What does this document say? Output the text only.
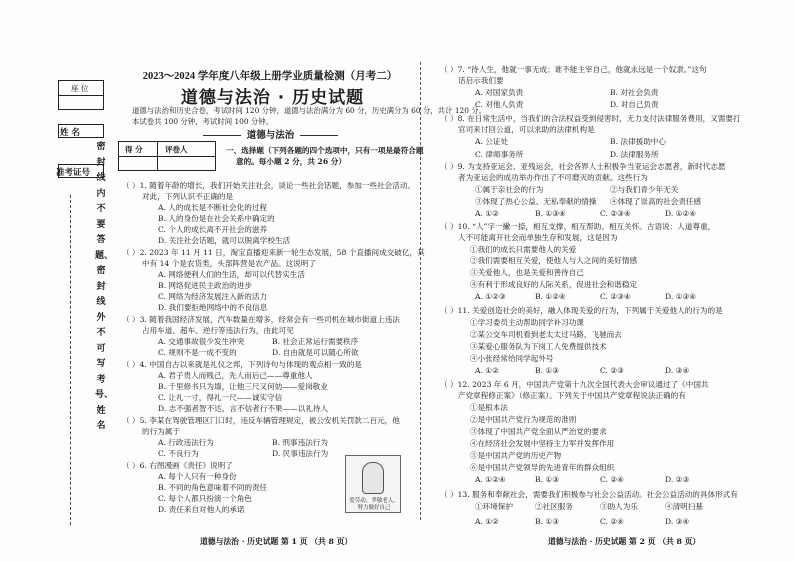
座 位
姓 名
准考证号
密封线内不要答题、密封线外不可写考号、姓名
2023～2024 学年度八年级上册学业质量检测（月考二）
道德与法治 · 历史试题
道德与法治和历史合卷，考试时间 120 分钟，道德与法治满分为 60 分，历史满分为 60 分，共计 120 分。
本试卷共 100 分钟，考试时间 100 分钟。
道德与法治
得 分	评卷人	一、选择题（下列各题的四个选项中，只有一项是最符合题
意的。每小题 2 分，共 26 分）
（ ）1. 随着年龄的增长，我们开始关注社会，谈论一些社会话题，参加一些社会活动。
对此，下列认识不正确的是
A. 人的成长是不断社会化的过程
B. 人的身份是在社会关系中确定的
C. 个人的成长离不开社会的滋养
D. 关注社会话题，就可以脱离学校生活
（ ）2. 2023 年 11 月 11 日，淘宝直播迎来新一轮生态发展，58 个直播间成交破亿，其
中有 14 个是农货类，头部阵营是农产品。这说明了
A. 网络便利人们的生活，却可以代替实生活
B. 网络促进民主政治的进步
C. 网络为经济发展注入新的活力
D. 我们要拒绝网络中的不良信息
（ ）3. 随着我国经济发展，汽车数量在增多，经常会有一些司机在城市街道上违法
占用车道、超车、逆行等违法行为，由此可见
A. 交通事故很少发生冲突	B. 社会正常运行需要秩序
C. 规则不是一成不变的	D. 自由就是可以随心所欲
（ ）4. 中国自古以来就是礼仪之邦，下列诗句与体现的观点相一致的是
A. 君子贵人而贱己，先人而后己——尊重他人
B. 千里修书只为墙，让他三尺又何妨——爱岗敬业
C. 让礼一寸，得礼一尺——诚实守信
D. 志不强者智不达，言不信者行不果——以礼待人
（ ）5. 李某在驾驶管理区门口时，违反车辆管理规定，被公安机关罚款二百元，他
的行为属于
A. 行政违法行为	B. 刑事违法行为
C. 不良行为	D. 民事违法行为
（ ）6. 右图漫画《责任》说明了
A. 每个人只有一种身份
B. 不同的角色意味着不同的责任
C. 每个人都只扮演一个角色
D. 责任来自对他人的承诺
爱劳动、孝敬老人，努力做好自己
道德与法治 · 历史试题 第 1 页 （共 8 页）
（ ）7. “待人生，他就一事无成；谁不能主宰自己，他就永远是一个奴隶。”这句
话启示我们要
A. 对国家负责	B. 对社会负责
C. 对他人负责	D. 对自己负责
（ ）8. 在日常生活中，当我们的合法权益受到侵害时，无力支付法律服务费用，又需要打
官司来讨回公道，可以求助的法律机构是
A. 公证处	B. 法律援助中心
C. 律师事务所	D. 法律服务所
（ ）9. 为支持亚运会、亚残运会，社会各界人士积极争当亚运会志愿者，新时代志愿
者为亚运会的成功举办作出了不可磨灭的贡献。这些行为
①属于亲社会的行为	②与我们青少年无关
③体现了热心公益、无私奉献的情操 ④体现了崇高的社会责任感
A. ①②	B. ①③④	C. ②③④	D. ①②④
（ ）10. “人”字一撇一捺，相互支撑、相互帮助、相互关怀。古语说：人道尊重，
人不可能离开社会而单独生存和发展，这是因为
①我们的成长只需要他人的关爱
②我们需要相互关爱，使他人与人之间的美好情感
③关爱他人，也是关爱和善待自己
④有利于形成良好的人际关系，促进社会和谐稳定
A. ①②③	B. ①②④	C. ②③④	D. ①③④
（ ）11. 关爱创造社会的美好，融入体现关爱的行为，下列属于关爱他人的行为的是
①学习委员主动帮助同学补习功课
②某公交车司机看到老太太过马路，飞驰而去
③某爱心服务队为下岗工人免费提供技术
④小张经常给同学起外号
A. ①②	B. ①③	C. ②③	D. ③④
（ ）12. 2023 年 6 月，中国共产党第十九次全国代表大会审议通过了《中国共
产党章程修正案》（修正案）。下列关于中国共产党章程说法正确的有
①是根本法
②是中国共产党行为规范的准则
③体现了中国共产党全面从严治党的要求
④在经济社会发展中坚持主力军并发挥作用
⑤是中国共产党的历史产物
⑥是中国共产党领导的先进青年的群众组织
A. ①②④	B. ①③	C. ②④	D. ②③
（ ）13. 服务和奉献社会，需要我们积极参与社会公益活动。社会公益活动的具体形式有
①环境保护	②社区服务	③助人为乐	④清明扫墓
A. ①②	B. ①③	C. ②④	D. ③④
道德与法治 · 历史试题 第 2 页 （共 8 页）
